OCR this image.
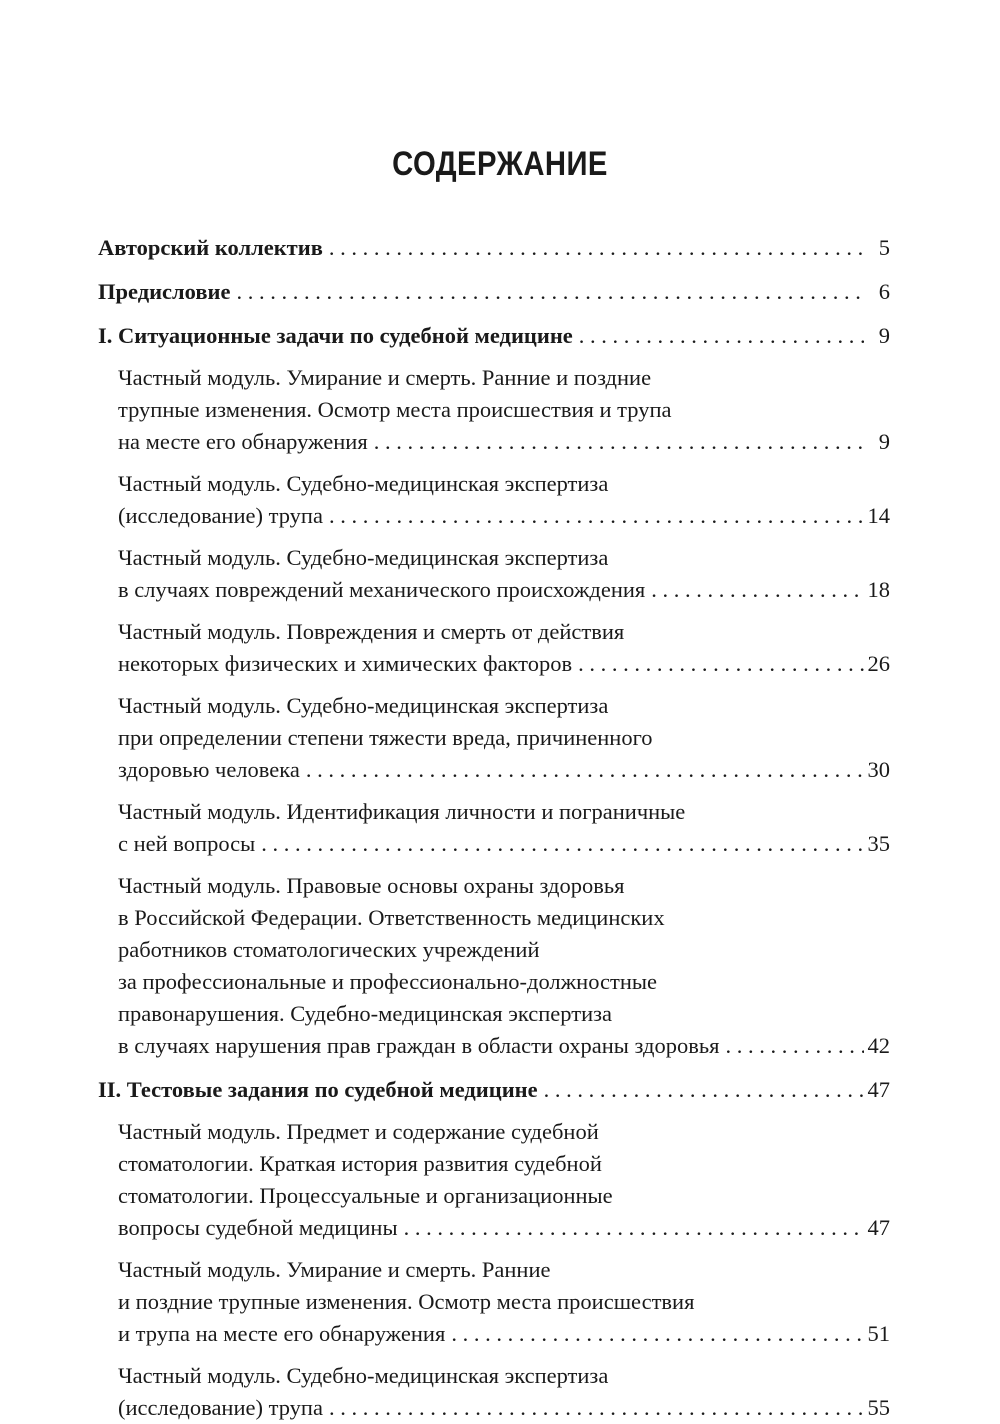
СОДЕРЖАНИЕ
Авторский коллектив . . .	5
Предисловие . . .	6
I. Ситуационные задачи по судебной медицине . . .	9
Частный модуль. Умирание и смерть. Ранние и поздние
трупные изменения. Осмотр места происшествия и трупа
на месте его обнаружения . . .	9
Частный модуль. Судебно-медицинская экспертиза
(исследование) трупа . . .	14
Частный модуль. Судебно-медицинская экспертиза
в случаях повреждений механического происхождения . . .	18
Частный модуль. Повреждения и смерть от действия
некоторых физических и химических факторов . . .	26
Частный модуль. Судебно-медицинская экспертиза
при определении степени тяжести вреда, причиненного
здоровью человека . . .	30
Частный модуль. Идентификация личности и пограничные
с ней вопросы . . .	35
Частный модуль. Правовые основы охраны здоровья
в Российской Федерации. Ответственность медицинских
работников стоматологических учреждений
за профессиональные и профессионально-должностные
правонарушения. Судебно-медицинская экспертиза
в случаях нарушения прав граждан в области охраны здоровья . . .	42
II. Тестовые задания по судебной медицине . . .	47
Частный модуль. Предмет и содержание судебной
стоматологии. Краткая история развития судебной
стоматологии. Процессуальные и организационные
вопросы судебной медицины . . .	47
Частный модуль. Умирание и смерть. Ранние
и поздние трупные изменения. Осмотр места происшествия
и трупа на месте его обнаружения . . .	51
Частный модуль. Судебно-медицинская экспертиза
(исследование) трупа . . .	55
